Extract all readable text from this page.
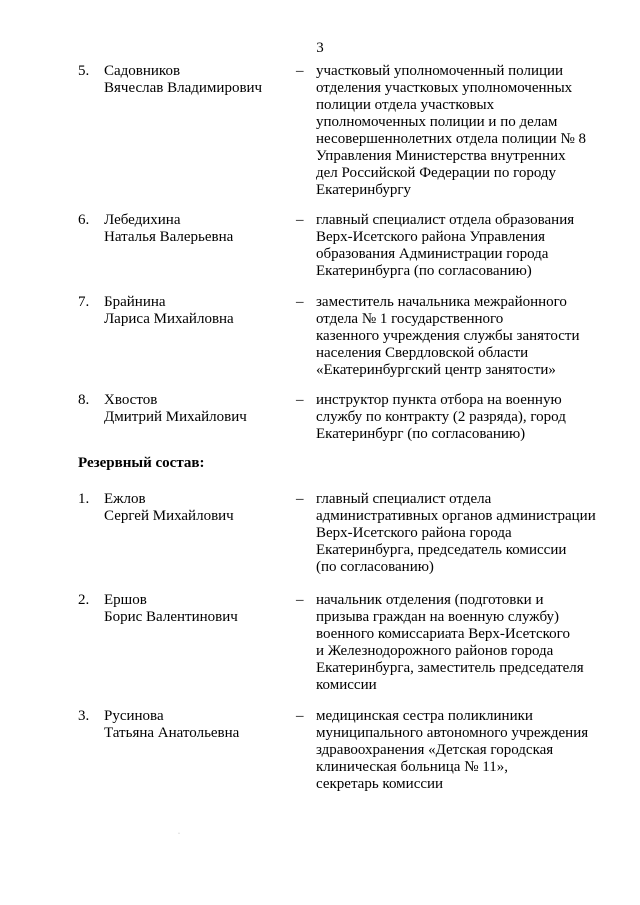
3
5. Садовников
Вячеслав Владимирович
– участковый уполномоченный полиции
отделения участковых уполномоченных
полиции отдела участковых
уполномоченных полиции и по делам
несовершеннолетних отдела полиции № 8
Управления Министерства внутренних
дел Российской Федерации по городу
Екатеринбургу
6. Лебедихина
Наталья Валерьевна
– главный специалист отдела образования
Верх-Исетского района Управления
образования Администрации города
Екатеринбурга (по согласованию)
7. Брайнина
Лариса Михайловна
– заместитель начальника межрайонного
отдела № 1 государственного
казенного учреждения службы занятости
населения Свердловской области
«Екатеринбургский центр занятости»
8. Хвостов
Дмитрий Михайлович
– инструктор пункта отбора на военную
службу по контракту (2 разряда), город
Екатеринбург (по согласованию)
Резервный состав:
1. Ежлов
Сергей Михайлович
– главный специалист отдела
административных органов администрации
Верх-Исетского района города
Екатеринбурга, председатель комиссии
(по согласованию)
2. Ершов
Борис Валентинович
– начальник отделения (подготовки и
призыва граждан на военную службу)
военного комиссариата Верх-Исетского
и Железнодорожного районов города
Екатеринбурга, заместитель председателя
комиссии
3. Русинова
Татьяна Анатольевна
– медицинская сестра поликлиники
муниципального автономного учреждения
здравоохранения «Детская городская
клиническая больница № 11»,
секретарь комиссии
·
